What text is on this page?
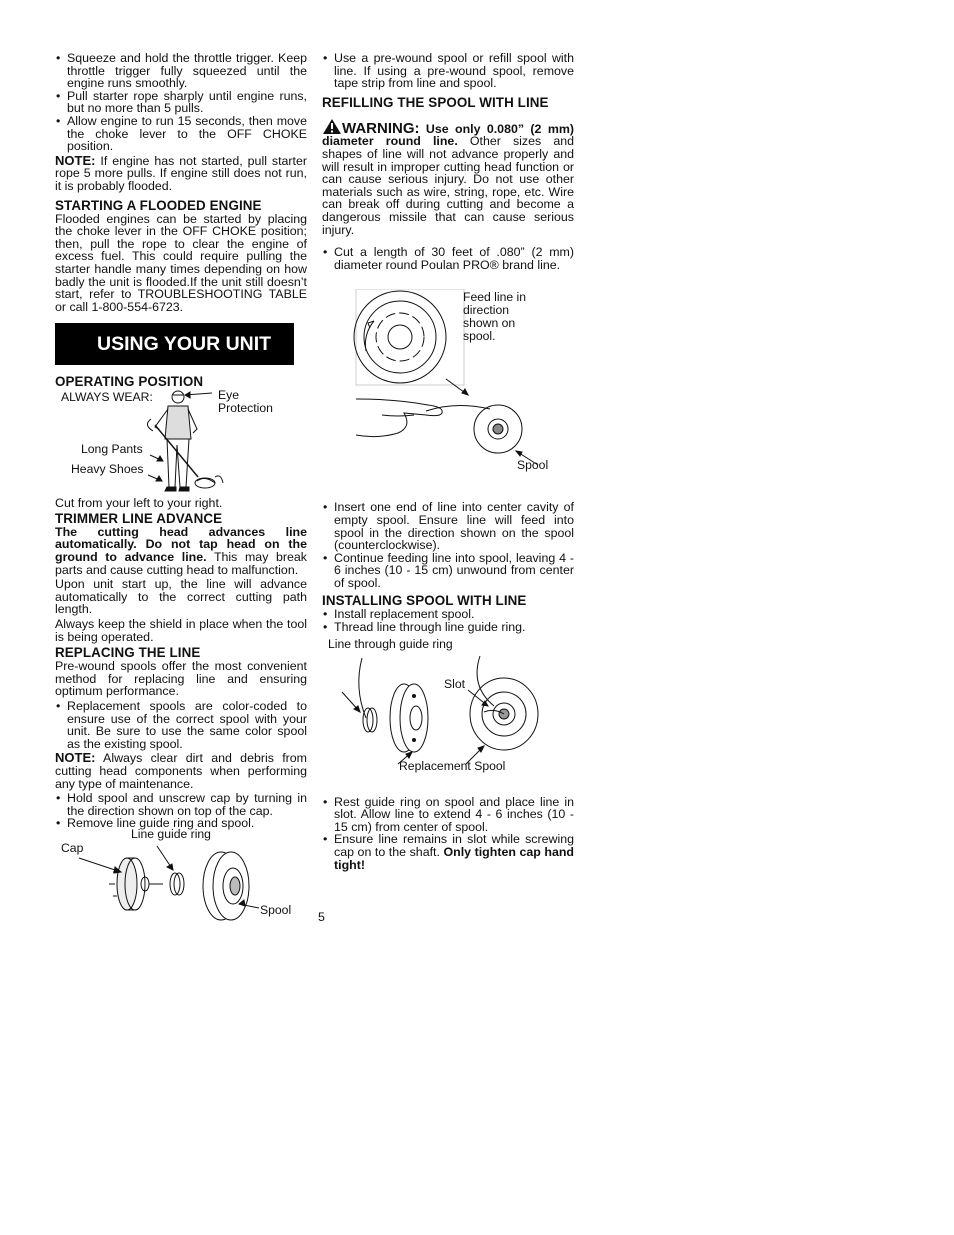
• Squeeze and hold the throttle trigger. Keep throttle trigger fully squeezed until the engine runs smoothly.
• Pull starter rope sharply until engine runs, but no more than 5 pulls.
• Allow engine to run 15 seconds, then move the choke lever to the OFF CHOKE position.

NOTE: If engine has not started, pull starter rope 5 more pulls. If engine still does not run, it is probably flooded.

STARTING A FLOODED ENGINE

Flooded engines can be started by placing the choke lever in the OFF CHOKE position; then, pull the rope to clear the engine of excess fuel. This could require pulling the starter handle many times depending on how badly the unit is flooded.If the unit still doesn’t start, refer to TROUBLESHOOTING TABLE or call 1-800-554-6723.

USING YOUR UNIT
OPERATING POSITION
ALWAYS WEAR:	Eye
Protection
Long Pants
Heavy Shoes

Cut from your left to your right.

TRIMMER LINE ADVANCE

The cutting head advances line automatically. Do not tap head on the ground to advance line. This may break parts and cause cutting head to malfunction.

Upon unit start up, the line will advance automatically to the correct cutting path length.

Always keep the shield in place when the tool is being operated.

REPLACING THE LINE

Pre-wound spools offer the most convenient method for replacing line and ensuring optimum performance.

• Replacement spools are color-coded to ensure use of the correct spool with your unit. Be sure to use the same color spool as the existing spool.

NOTE: Always clear dirt and debris from cutting head components when performing any type of maintenance.

• Hold spool and unscrew cap by turning in the direction shown on top of the cap.
• Remove line guide ring and spool.
Cap
Line guide ring
Spool
• Use a pre-wound spool or refill spool with line. If using a pre-wound spool, remove tape strip from line and spool.
REFILLING THE SPOOL WITH LINE

WARNING: Use only 0.080” (2 mm) diameter round line. Other sizes and shapes of line will not advance properly and will result in improper cutting head function or can cause serious injury. Do not use other materials such as wire, string, rope, etc. Wire can break off during cutting and become a dangerous missile that can cause serious injury.

• Cut a length of 30 feet of .080” (2 mm) diameter round Poulan PRO® brand line.
Feed line in
direction
shown on
spool.
Spool
• Insert one end of line into center cavity of empty spool. Ensure line will feed into spool in the direction shown on the spool (counterclockwise).
• Continue feeding line into spool, leaving 4 - 6 inches (10 - 15 cm) unwound from center of spool.
INSTALLING SPOOL WITH LINE
• Install replacement spool.
• Thread line through line guide ring.
Line through guide ring
Slot
Replacement Spool
• Rest guide ring on spool and place line in slot. Allow line to extend 4 - 6 inches (10 - 15 cm) from center of spool.
• Ensure line remains in slot while screwing cap on to the shaft. Only tighten cap hand tight!
5
